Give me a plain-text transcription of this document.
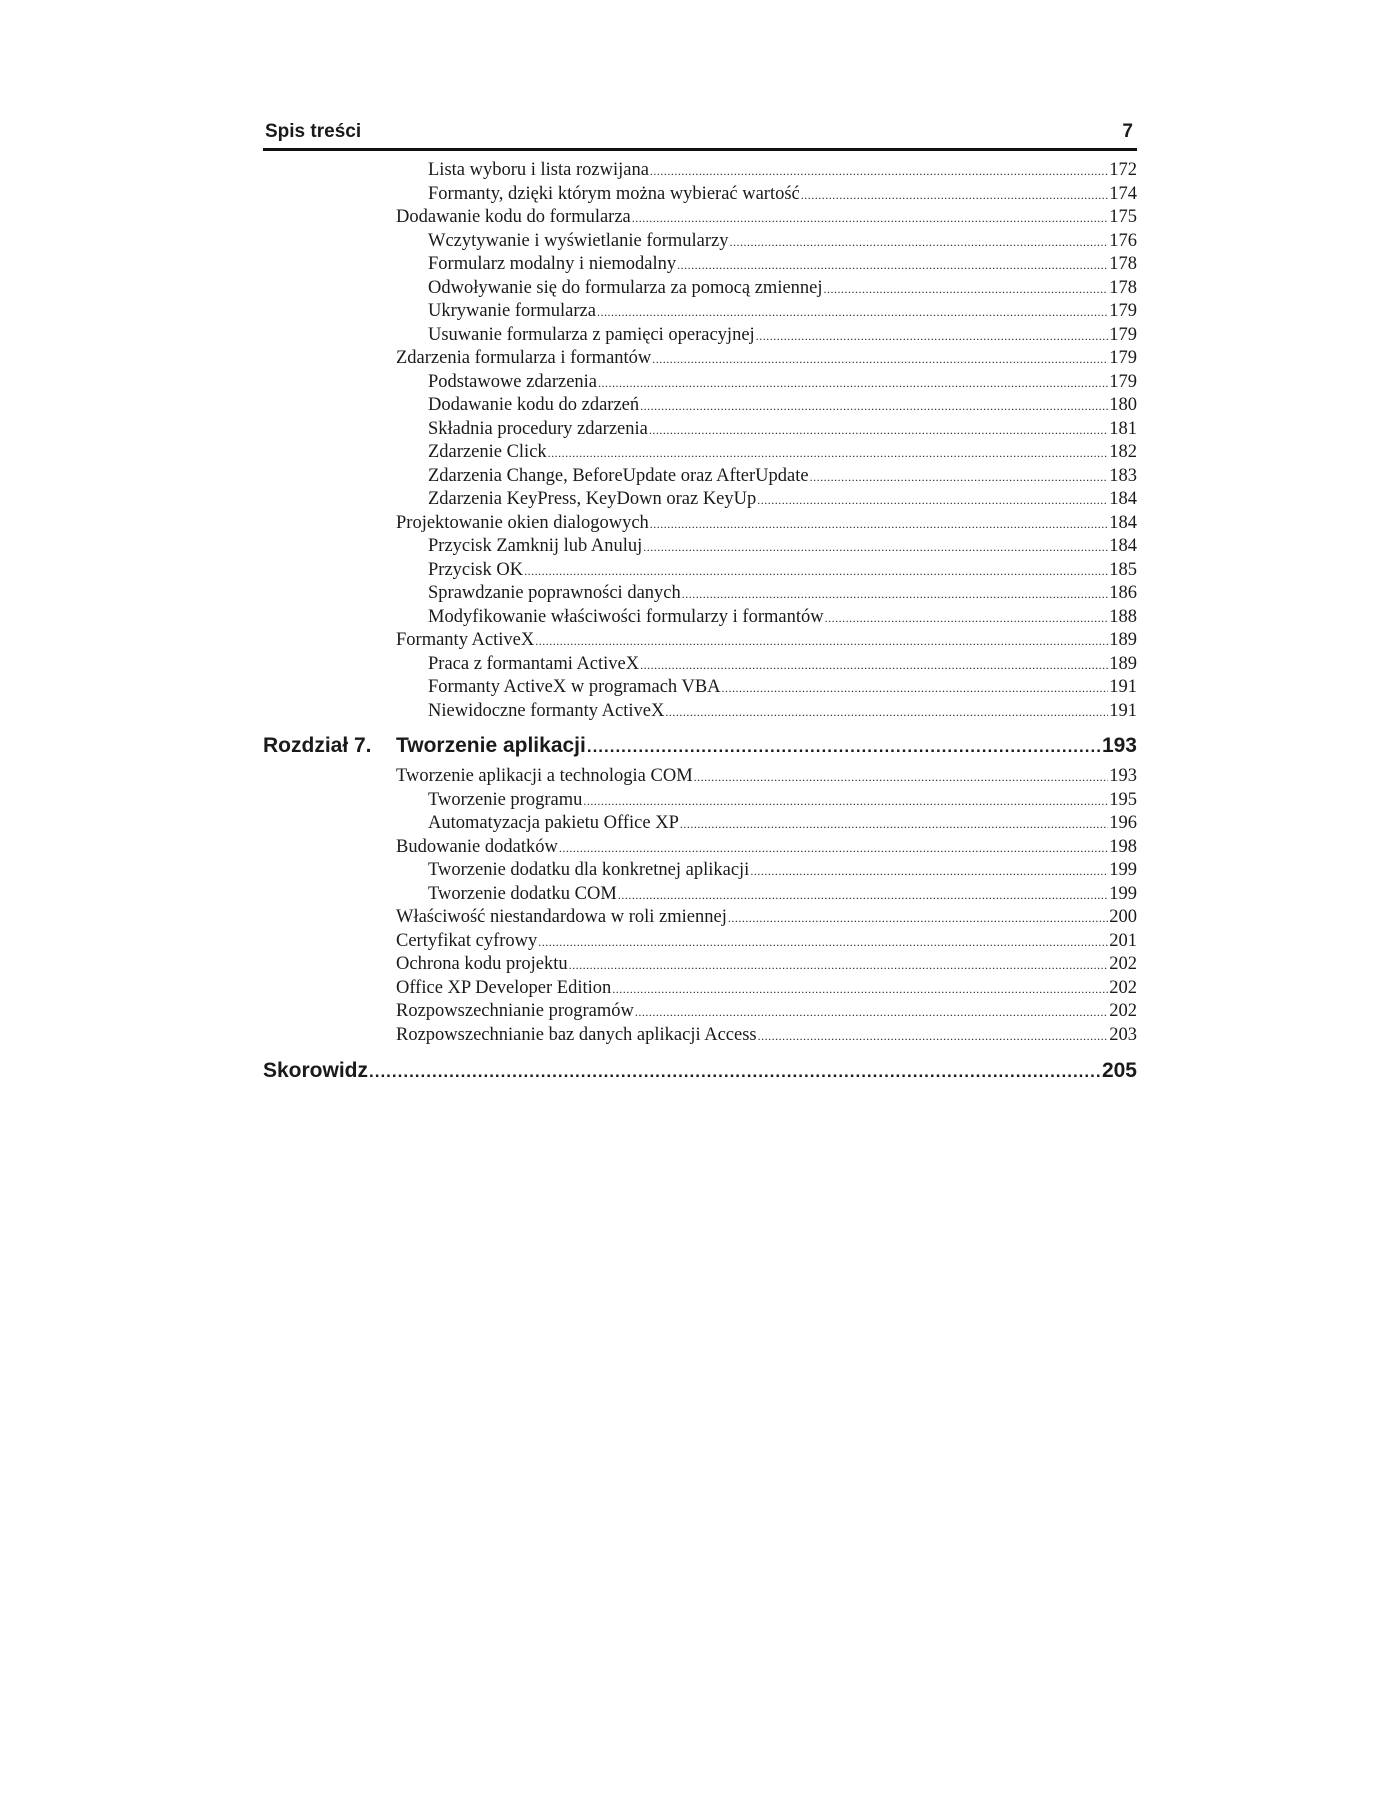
Spis treści	7
Lista wyboru i lista rozwijana .....	172
Formanty, dzięki którym można wybierać wartość .....	174
Dodawanie kodu do formularza .....	175
Wczytywanie i wyświetlanie formularzy .....	176
Formularz modalny i niemodalny .....	178
Odwoływanie się do formularza za pomocą zmiennej .....	178
Ukrywanie formularza .....	179
Usuwanie formularza z pamięci operacyjnej .....	179
Zdarzenia formularza i formantów .....	179
Podstawowe zdarzenia .....	179
Dodawanie kodu do zdarzeń .....	180
Składnia procedury zdarzenia .....	181
Zdarzenie Click .....	182
Zdarzenia Change, BeforeUpdate oraz AfterUpdate .....	183
Zdarzenia KeyPress, KeyDown oraz KeyUp .....	184
Projektowanie okien dialogowych .....	184
Przycisk Zamknij lub Anuluj .....	184
Przycisk OK .....	185
Sprawdzanie poprawności danych .....	186
Modyfikowanie właściwości formularzy i formantów .....	188
Formanty ActiveX .....	189
Praca z formantami ActiveX .....	189
Formanty ActiveX w programach VBA .....	191
Niewidoczne formanty ActiveX .....	191
Rozdział 7.	Tworzenie aplikacji .....	193
Tworzenie aplikacji a technologia COM .....	193
Tworzenie programu .....	195
Automatyzacja pakietu Office XP .....	196
Budowanie dodatków .....	198
Tworzenie dodatku dla konkretnej aplikacji .....	199
Tworzenie dodatku COM .....	199
Właściwość niestandardowa w roli zmiennej .....	200
Certyfikat cyfrowy .....	201
Ochrona kodu projektu .....	202
Office XP Developer Edition .....	202
Rozpowszechnianie programów .....	202
Rozpowszechnianie baz danych aplikacji Access .....	203
Skorowidz .....	205
